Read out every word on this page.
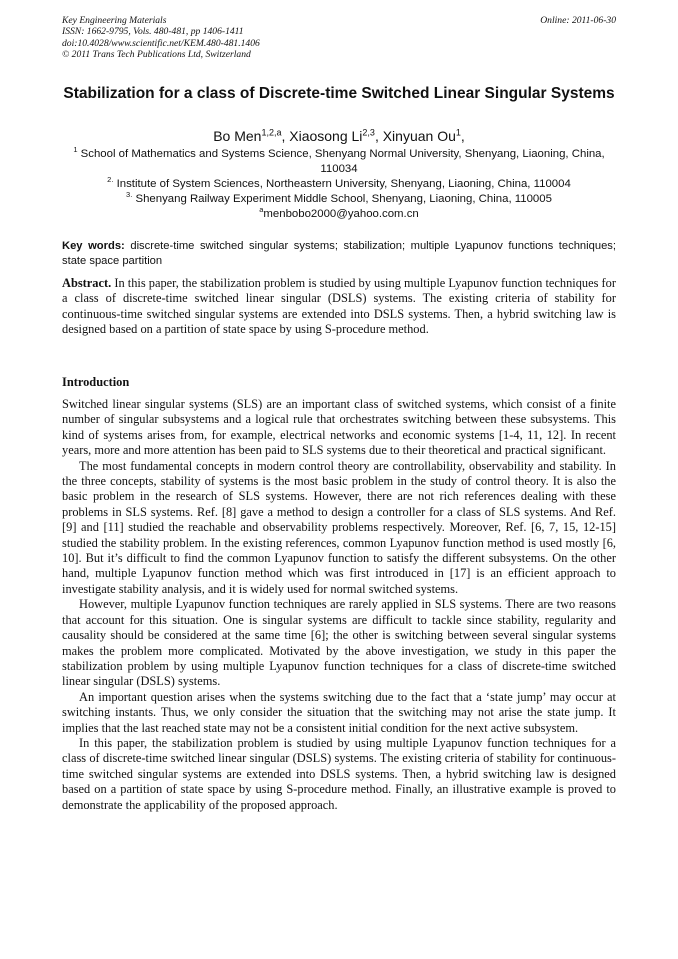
Key Engineering Materials	Online: 2011-06-30
ISSN: 1662-9795, Vols. 480-481, pp 1406-1411
doi:10.4028/www.scientific.net/KEM.480-481.1406
© 2011 Trans Tech Publications Ltd, Switzerland
Stabilization for a class of Discrete-time Switched Linear Singular Systems
Bo Men$^{1,2,a}$, Xiaosong Li$^{2,3}$, Xinyuan Ou$^1$,
$^1$ School of Mathematics and Systems Science, Shenyang Normal University, Shenyang, Liaoning, China, 110034
$^{2.}$ Institute of System Sciences, Northeastern University, Shenyang, Liaoning, China, 110004
$^{3.}$ Shenyang Railway Experiment Middle School, Shenyang, Liaoning, China, 110005
$^a$menbobo2000@yahoo.com.cn
Key words: discrete-time switched singular systems; stabilization; multiple Lyapunov functions techniques; state space partition
Abstract. In this paper, the stabilization problem is studied by using multiple Lyapunov function techniques for a class of discrete-time switched linear singular (DSLS) systems. The existing criteria of stability for continuous-time switched singular systems are extended into DSLS systems. Then, a hybrid switching law is designed based on a partition of state space by using S-procedure method.
Introduction

Switched linear singular systems (SLS) are an important class of switched systems, which consist of a finite number of singular subsystems and a logical rule that orchestrates switching between these subsystems. This kind of systems arises from, for example, electrical networks and economic systems [1-4, 11, 12]. In recent years, more and more attention has been paid to SLS systems due to their theoretical and practical significant.

The most fundamental concepts in modern control theory are controllability, observability and stability. In the three concepts, stability of systems is the most basic problem in the study of control theory. It is also the basic problem in the research of SLS systems. However, there are not rich references dealing with these problems in SLS systems. Ref. [8] gave a method to design a controller for a class of SLS systems. And Ref. [9] and [11] studied the reachable and observability problems respectively. Moreover, Ref. [6, 7, 15, 12-15] studied the stability problem. In the existing references, common Lyapunov function method is used mostly [6, 10]. But it’s difficult to find the common Lyapunov function to satisfy the different subsystems. On the other hand, multiple Lyapunov function method which was first introduced in [17] is an efficient approach to investigate stability analysis, and it is widely used for normal switched systems.

However, multiple Lyapunov function techniques are rarely applied in SLS systems. There are two reasons that account for this situation. One is singular systems are difficult to tackle since stability, regularity and causality should be considered at the same time [6]; the other is switching between several singular systems makes the problem more complicated. Motivated by the above investigation, we study in this paper the stabilization problem by using multiple Lyapunov function techniques for a class of discrete-time switched linear singular (DSLS) systems.

An important question arises when the systems switching due to the fact that a ‘state jump’ may occur at switching instants. Thus, we only consider the situation that the switching may not arise the state jump. It implies that the last reached state may not be a consistent initial condition for the next active subsystem.

In this paper, the stabilization problem is studied by using multiple Lyapunov function techniques for a class of discrete-time switched linear singular (DSLS) systems. The existing criteria of stability for continuous-time switched singular systems are extended into DSLS systems. Then, a hybrid switching law is designed based on a partition of state space by using S-procedure method. Finally, an illustrative example is proved to demonstrate the applicability of the proposed approach.
